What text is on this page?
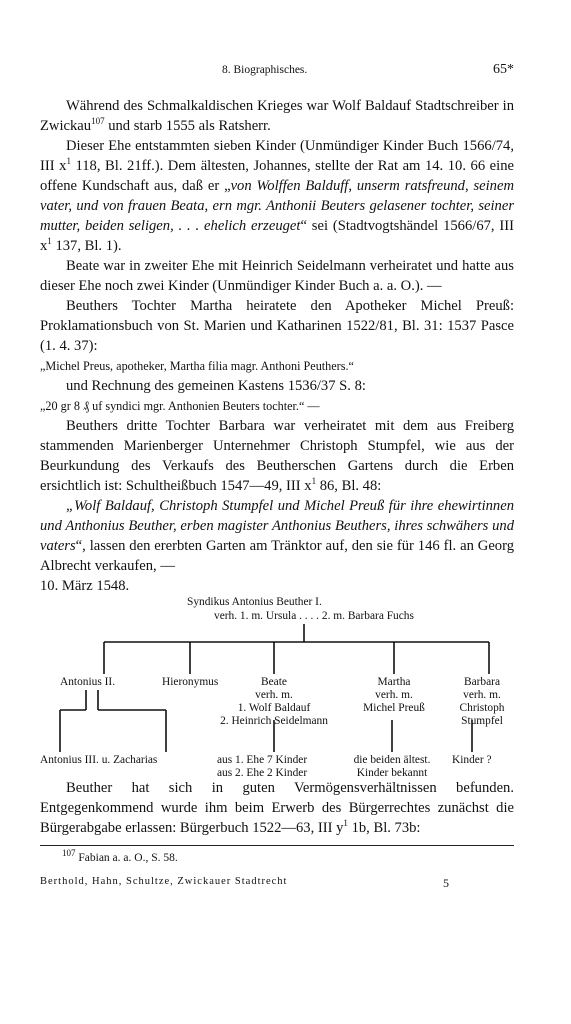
8. Biographisches.	65*

Während des Schmalkaldischen Krieges war Wolf Baldauf Stadtschreiber in Zwickau$^{107}$ und starb 1555 als Ratsherr.

Dieser Ehe entstammten sieben Kinder (Unmündiger Kinder Buch 1566/74, III $x^1$ 118, Bl. 21ff.). Dem ältesten, Johannes, stellte der Rat am 14. 10. 66 eine offene Kundschaft aus, daß er „von Wolffen Balduff, unserm ratsfreund, seinem vater, und von frauen Beata, ern mgr. Anthonii Beuters gelasener tochter, seiner mutter, beiden seligen, . . . ehelich erzeuget“ sei (Stadtvogtshändel 1566/67, III $x^1$ 137, Bl. 1).

Beate war in zweiter Ehe mit Heinrich Seidelmann verheiratet und hatte aus dieser Ehe noch zwei Kinder (Unmündiger Kinder Buch a. a. O.). —

Beuthers Tochter Martha heiratete den Apotheker Michel Preuß: Proklamationsbuch von St. Marien und Katharinen 1522/81, Bl. 31: 1537 Pasce (1. 4. 37):

„Michel Preus, apotheker, Martha filia magr. Anthoni Peuthers.“

und Rechnung des gemeinen Kastens 1536/37 S. 8:

„20 gr 8 ₰ uf syndici mgr. Anthonien Beuters tochter.“ —

Beuthers dritte Tochter Barbara war verheiratet mit dem aus Freiberg stammenden Marienberger Unternehmer Christoph Stumpfel, wie aus der Beurkundung des Verkaufs des Beutherschen Gartens durch die Erben ersichtlich ist: Schultheißbuch 1547—49, III $x^1$ 86, Bl. 48:

„Wolf Baldauf, Christoph Stumpfel und Michel Preuß für ihre ehewirtinnen und Anthonius Beuther, erben magister Anthonius Beuthers, ihres schwähers und vaters“, lassen den ererbten Garten am Tränktor auf, den sie für 146 fl. an Georg Albrecht verkaufen, —

10. März 1548.

Syndikus Antonius Beuther I.
verh. 1. m. Ursula . . . . 2. m. Barbara Fuchs
Antonius II.	Hieronymus	Beate
verh. m.
1. Wolf Baldauf
2. Heinrich Seidelmann
Martha
verh. m.
Michel Preuß
Barbara
verh. m.
Christoph
Stumpfel
Antonius III. u. Zacharias	aus 1. Ehe 7 Kinder
aus 2. Ehe 2 Kinder
die beiden ältest.
Kinder bekannt
Kinder ?

Beuther hat sich in guten Vermögensverhältnissen befunden. Entgegenkommend wurde ihm beim Erwerb des Bürgerrechtes zunächst die Bürgerabgabe erlassen: Bürgerbuch 1522—63, III $y^1$ 1b, Bl. 73b:

$^{107}$ Fabian a. a. O., S. 58.
Berthold, Hahn, Schultze, Zwickauer Stadtrecht	5
